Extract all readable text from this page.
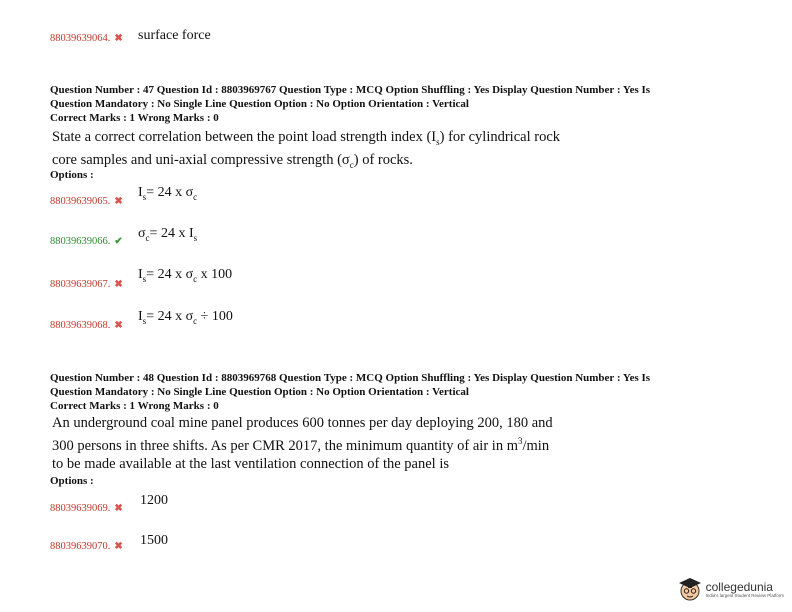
88039639064. ✖ surface force
Question Number : 47 Question Id : 8803969767 Question Type : MCQ Option Shuffling : Yes Display Question Number : Yes Is
Question Mandatory : No Single Line Question Option : No Option Orientation : Vertical
Correct Marks : 1 Wrong Marks : 0
State a correct correlation between the point load strength index $(I_s)$ for cylindrical rock
core samples and uni-axial compressive strength $(\sigma_c)$ of rocks.
Options :
88039639065. ✖
$I_s= 24$ x $\sigma_c$
88039639066. ✔
$\sigma_c= 24$ x $I_s$
88039639067. ✖
$I_s= 24$ x $\sigma_c$ x 100
88039639068. ✖
$I_s= 24$ x $\sigma_c \div 100$
Question Number : 48 Question Id : 8803969768 Question Type : MCQ Option Shuffling : Yes Display Question Number : Yes Is
Question Mandatory : No Single Line Question Option : No Option Orientation : Vertical
Correct Marks : 1 Wrong Marks : 0
An underground coal mine panel produces 600 tonnes per day deploying 200, 180 and
300 persons in three shifts. As per CMR 2017, the minimum quantity of air in $m^3/\min$
to be made available at the last ventilation connection of the panel is
Options :
88039639069. ✖
1200
88039639070. ✖ 1500
collegedunia
India's largest Student Review Platform
